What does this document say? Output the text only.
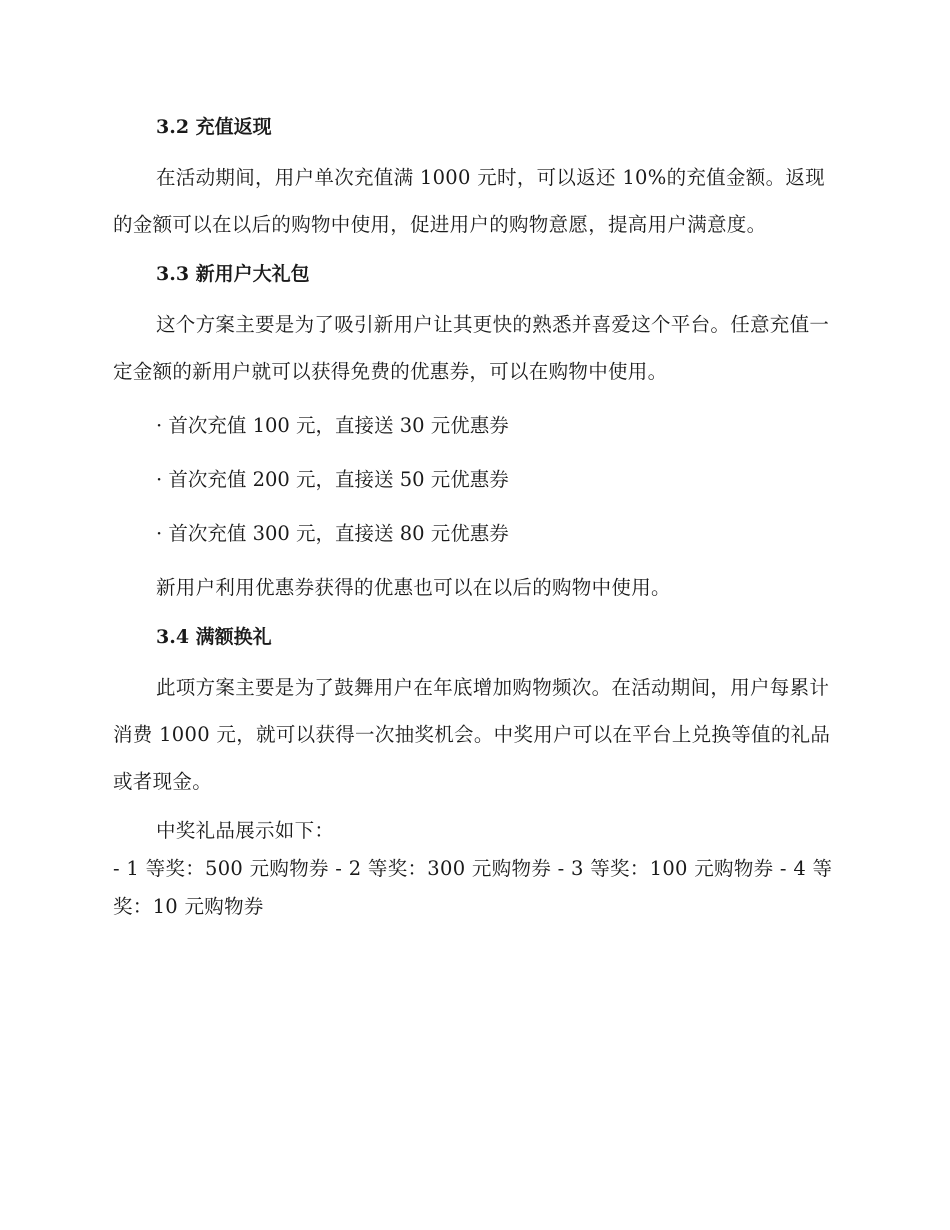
3.2 充值返现

在活动期间，用户单次充值满 1000 元时，可以返还 10%的充值金额。返现的金额可以在以后的购物中使用，促进用户的购物意愿，提高用户满意度。

3.3 新用户大礼包

这个方案主要是为了吸引新用户让其更快的熟悉并喜爱这个平台。任意充值一定金额的新用户就可以获得免费的优惠券，可以在购物中使用。

· 首次充值 100 元，直接送 30 元优惠券

· 首次充值 200 元，直接送 50 元优惠券

· 首次充值 300 元，直接送 80 元优惠券

新用户利用优惠券获得的优惠也可以在以后的购物中使用。

3.4 满额换礼

此项方案主要是为了鼓舞用户在年底增加购物频次。在活动期间，用户每累计消费 1000 元，就可以获得一次抽奖机会。中奖用户可以在平台上兑换等值的礼品或者现金。

中奖礼品展示如下：

- 1 等奖：500 元购物券 - 2 等奖：300 元购物券 - 3 等奖：100 元购物券 - 4 等奖：10 元购物券
